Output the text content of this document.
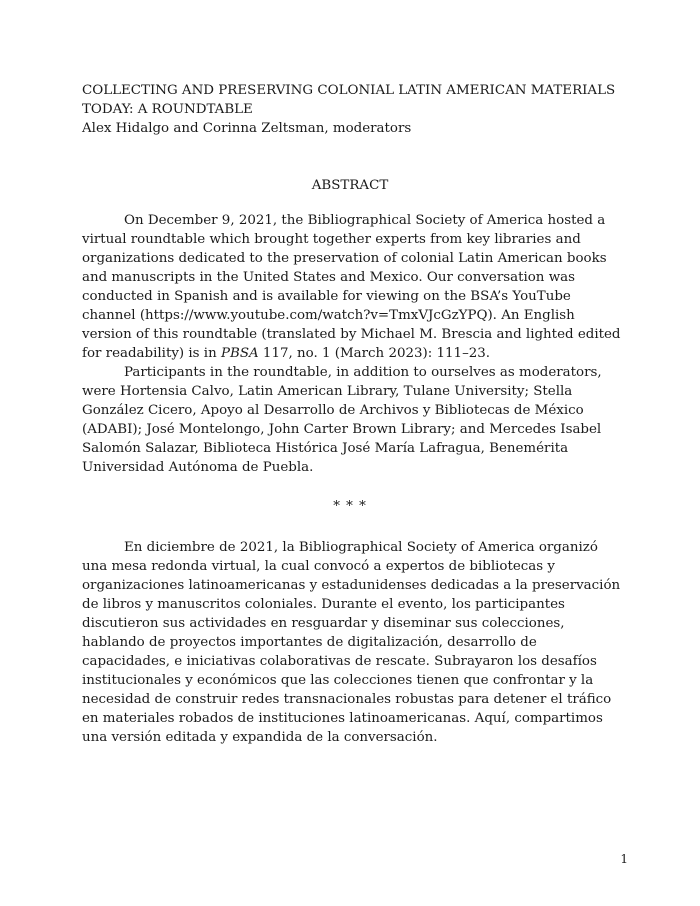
COLLECTING AND PRESERVING COLONIAL LATIN AMERICAN MATERIALS
TODAY: A ROUNDTABLE
Alex Hidalgo and Corinna Zeltsman, moderators
ABSTRACT

On December 9, 2021, the Bibliographical Society of America hosted a virtual roundtable which brought together experts from key libraries and organizations dedicated to the preservation of colonial Latin American books and manuscripts in the United States and Mexico. Our conversation was conducted in Spanish and is available for viewing on the BSA’s YouTube channel (https://www.youtube.com/watch?v=TmxVJcGzYPQ). An English version of this roundtable (translated by Michael M. Brescia and lighted edited for readability) is in PBSA 117, no. 1 (March 2023): 111–23.

Participants in the roundtable, in addition to ourselves as moderators, were Hortensia Calvo, Latin American Library, Tulane University; Stella González Cicero, Apoyo al Desarrollo de Archivos y Bibliotecas de México (ADABI); José Montelongo, John Carter Brown Library; and Mercedes Isabel Salomón Salazar, Biblioteca Histórica José María Lafragua, Benemérita Universidad Autónoma de Puebla.

* * *

En diciembre de 2021, la Bibliographical Society of America organizó una mesa redonda virtual, la cual convocó a expertos de bibliotecas y organizaciones latinoamericanas y estadunidenses dedicadas a la preservación de libros y manuscritos coloniales. Durante el evento, los participantes discutieron sus actividades en resguardar y diseminar sus colecciones, hablando de proyectos importantes de digitalización, desarrollo de capacidades, e iniciativas colaborativas de rescate. Subrayaron los desafíos institucionales y económicos que las colecciones tienen que confrontar y la necesidad de construir redes transnacionales robustas para detener el tráfico en materiales robados de instituciones latinoamericanas. Aquí, compartimos una versión editada y expandida de la conversación.

1
